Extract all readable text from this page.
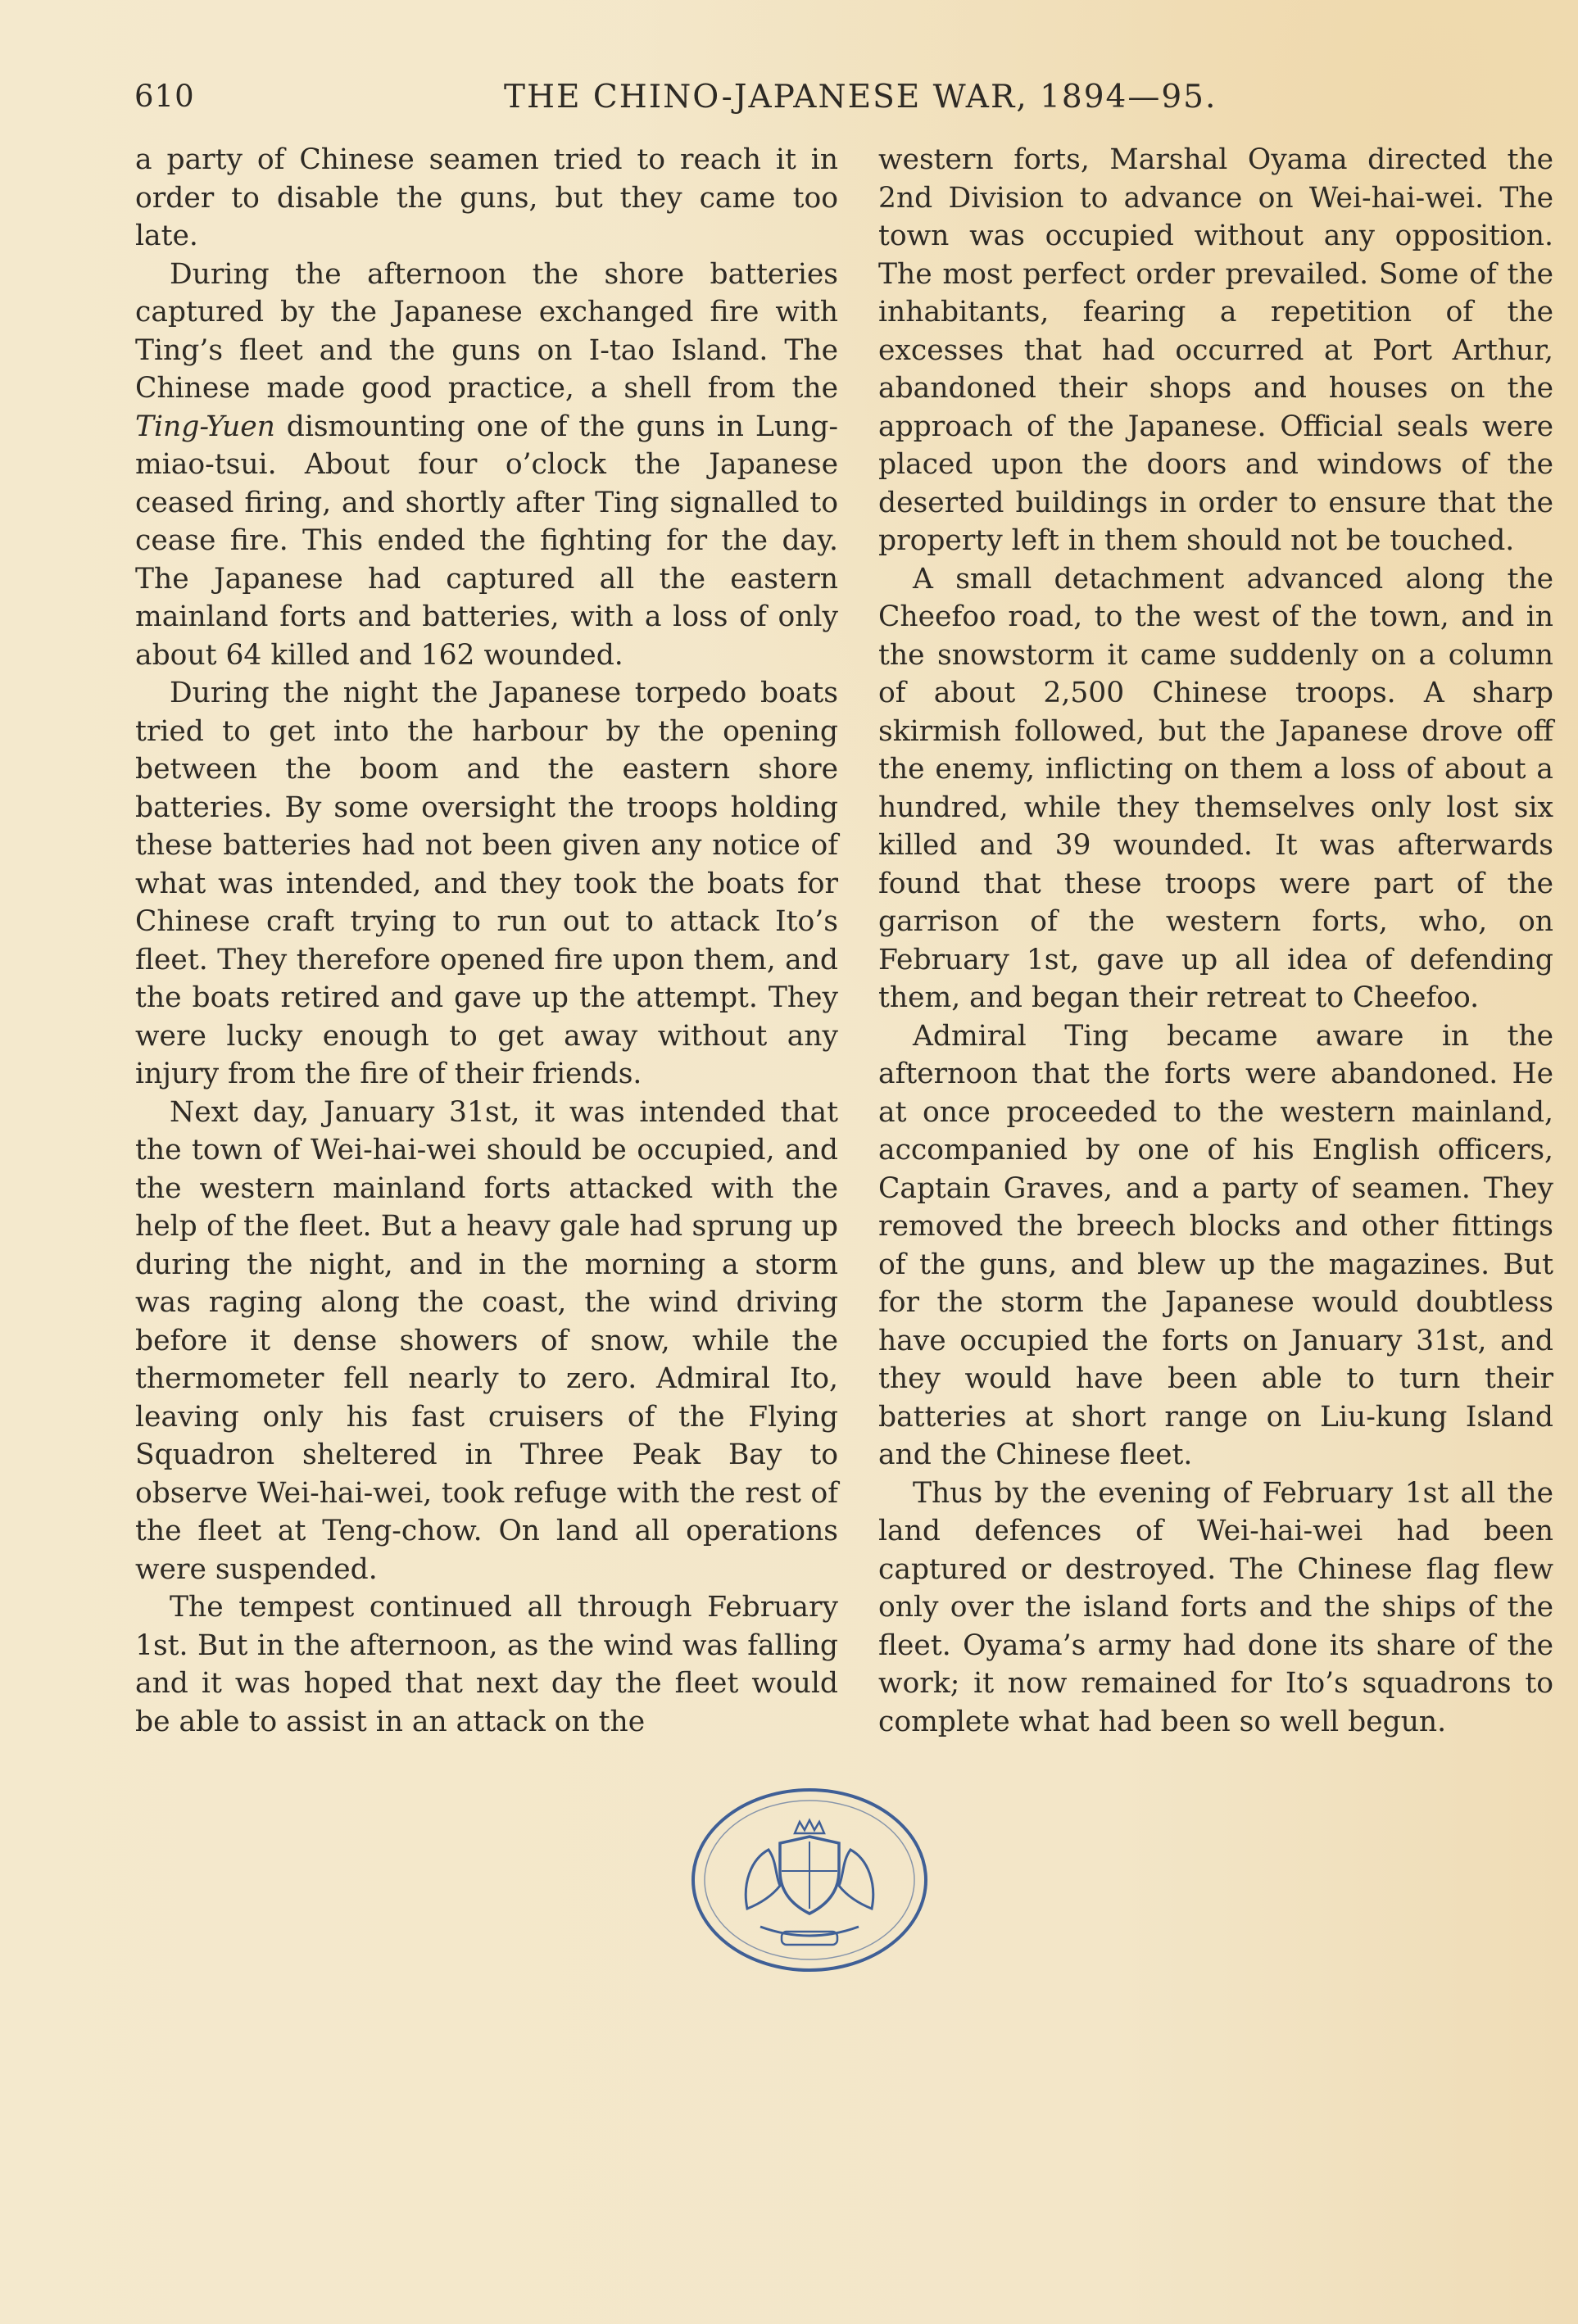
610	THE CHINO-JAPANESE WAR, 1894—95.

a party of Chinese seamen tried to reach it in order to disable the guns, but they came too late.

During the afternoon the shore batteries captured by the Japanese exchanged fire with Ting’s fleet and the guns on I-tao Island. The Chinese made good practice, a shell from the Ting-Yuen dismounting one of the guns in Lung-miao-tsui. About four o’clock the Japanese ceased firing, and shortly after Ting signalled to cease fire. This ended the fighting for the day. The Japanese had captured all the eastern mainland forts and batteries, with a loss of only about 64 killed and 162 wounded.

During the night the Japanese torpedo boats tried to get into the harbour by the opening between the boom and the eastern shore batteries. By some oversight the troops holding these batteries had not been given any notice of what was intended, and they took the boats for Chinese craft trying to run out to attack Ito’s fleet. They therefore opened fire upon them, and the boats retired and gave up the attempt. They were lucky enough to get away without any injury from the fire of their friends.

Next day, January 31st, it was intended that the town of Wei-hai-wei should be occupied, and the western mainland forts attacked with the help of the fleet. But a heavy gale had sprung up during the night, and in the morning a storm was raging along the coast, the wind driving before it dense showers of snow, while the thermometer fell nearly to zero. Admiral Ito, leaving only his fast cruisers of the Flying Squadron sheltered in Three Peak Bay to observe Wei-hai-wei, took refuge with the rest of the fleet at Teng-chow. On land all operations were suspended.

The tempest continued all through February 1st. But in the afternoon, as the wind was falling and it was hoped that next day the fleet would be able to assist in an attack on the

western forts, Marshal Oyama directed the 2nd Division to advance on Wei-hai-wei. The town was occupied without any opposition. The most perfect order prevailed. Some of the inhabitants, fearing a repetition of the excesses that had occurred at Port Arthur, abandoned their shops and houses on the approach of the Japanese. Official seals were placed upon the doors and windows of the deserted buildings in order to ensure that the property left in them should not be touched.

A small detachment advanced along the Cheefoo road, to the west of the town, and in the snowstorm it came suddenly on a column of about 2,500 Chinese troops. A sharp skirmish followed, but the Japanese drove off the enemy, inflicting on them a loss of about a hundred, while they themselves only lost six killed and 39 wounded. It was afterwards found that these troops were part of the garrison of the western forts, who, on February 1st, gave up all idea of defending them, and began their retreat to Cheefoo.

Admiral Ting became aware in the afternoon that the forts were abandoned. He at once proceeded to the western mainland, accompanied by one of his English officers, Captain Graves, and a party of seamen. They removed the breech blocks and other fittings of the guns, and blew up the magazines. But for the storm the Japanese would doubtless have occupied the forts on January 31st, and they would have been able to turn their batteries at short range on Liu-kung Island and the Chinese fleet.

Thus by the evening of February 1st all the land defences of Wei-hai-wei had been captured or destroyed. The Chinese flag flew only over the island forts and the ships of the fleet. Oyama’s army had done its share of the work; it now remained for Ito’s squadrons to complete what had been so well begun.
